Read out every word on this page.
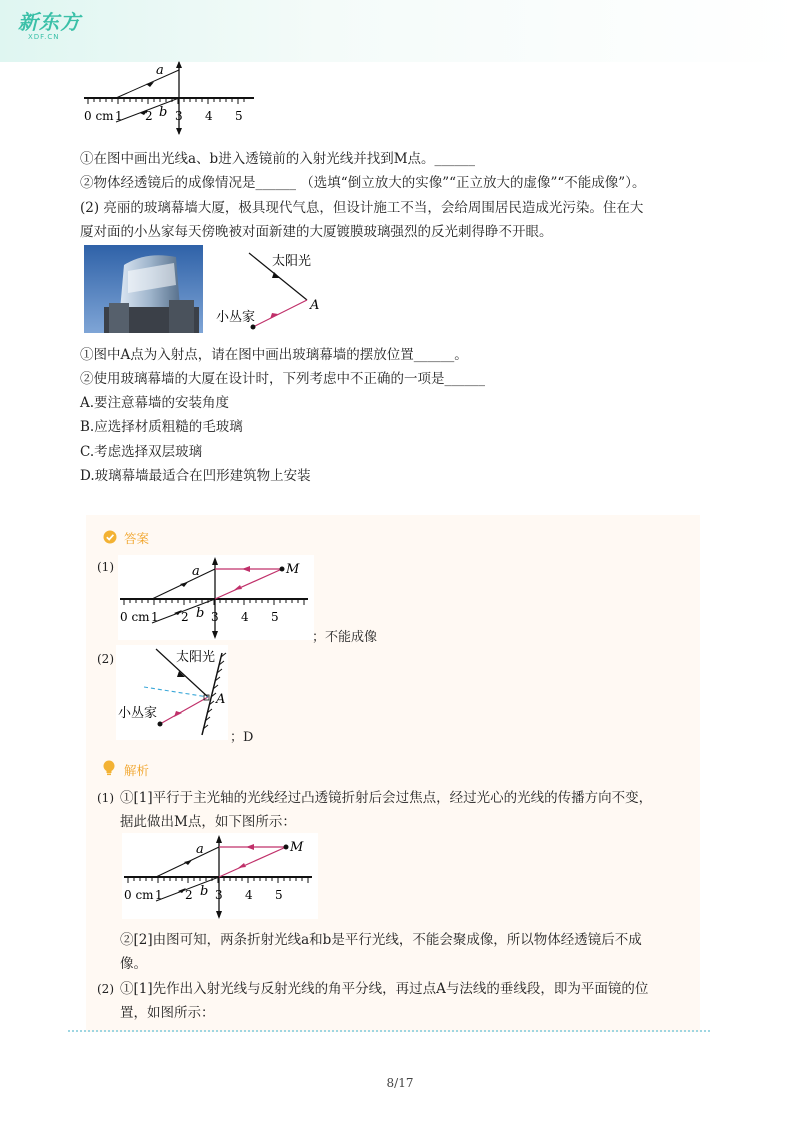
新东方
XDF.CN
a
b
0 cm 1 2 3 4 5
①在图中画出光线a、b进入透镜前的入射光线并找到M点。______
②物体经透镜后的成像情况是______ （选填“倒立放大的实像”“正立放大的虚像”“不能成像”）。
(2) 亮丽的玻璃幕墙大厦，极具现代气息，但设计施工不当，会给周围居民造成光污染。住在大
厦对面的小丛家每天傍晚被对面新建的大厦镀膜玻璃强烈的反光刺得睁不开眼。
太阳光
A
小丛家
①图中A点为入射点，请在图中画出玻璃幕墙的摆放位置______。
②使用玻璃幕墙的大厦在设计时，下列考虑中不正确的一项是______
A.要注意幕墙的安装角度
B.应选择材质粗糙的毛玻璃
C.考虑选择双层玻璃
D.玻璃幕墙最适合在凹形建筑物上安装
答案
(1)	a
b
M
0 cm 1 2 3 4 5
；不能成像
(2)	太阳光
A
小丛家
；D
解析
(1) ①[1]平行于主光轴的光线经过凸透镜折射后会过焦点，经过光心的光线的传播方向不变，
据此做出M点，如下图所示：
a
b
M
0 cm 1 2 3 4 5
②[2]由图可知，两条折射光线a和b是平行光线，不能会聚成像，所以物体经透镜后不成
像。
(2) ①[1]先作出入射光线与反射光线的角平分线，再过点A与法线的垂线段，即为平面镜的位
置，如图所示：
8/17
